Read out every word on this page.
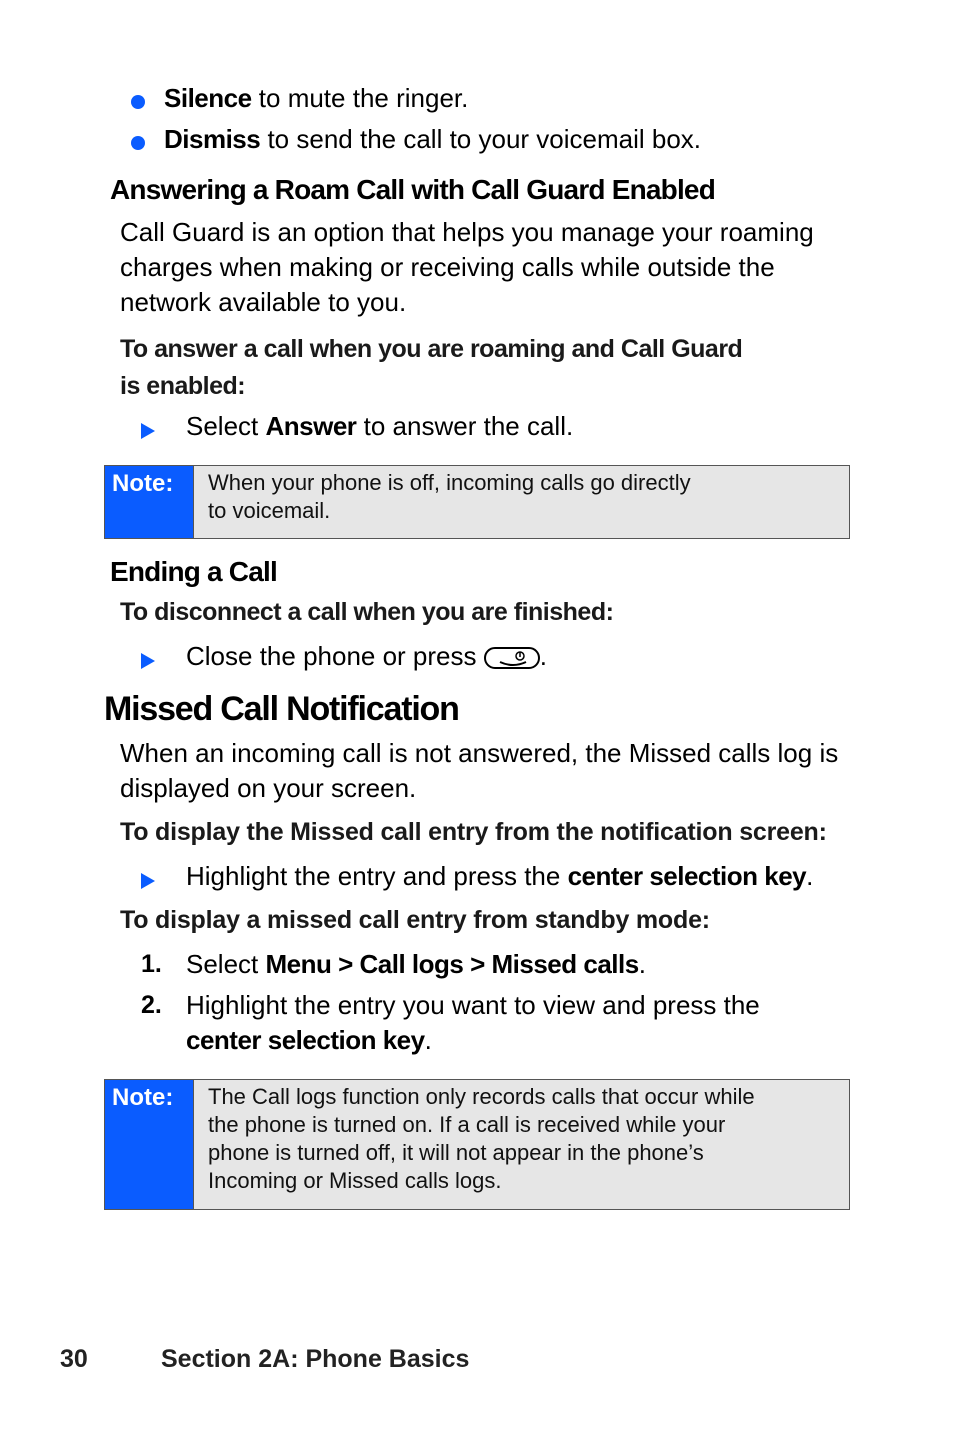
Silence to mute the ringer.
Dismiss to send the call to your voicemail box.
Answering a Roam Call with Call Guard Enabled
Call Guard is an option that helps you manage your roaming
charges when making or receiving calls while outside the
network available to you.
To answer a call when you are roaming and Call Guard
is enabled:
Select Answer to answer the call.
Note:	When your phone is off, incoming calls go directly
to voicemail.
Ending a Call
To disconnect a call when you are finished:
Close the phone or press .
Missed Call Notification
When an incoming call is not answered, the Missed calls log is
displayed on your screen.
To display the Missed call entry from the notification screen:
Highlight the entry and press the center selection key.
To display a missed call entry from standby mode:
1. Select Menu > Call logs > Missed calls.
2. Highlight the entry you want to view and press the
center selection key.
Note:	The Call logs function only records calls that occur while
the phone is turned on. If a call is received while your
phone is turned off, it will not appear in the phone’s
Incoming or Missed calls logs.
30	Section 2A: Phone Basics
